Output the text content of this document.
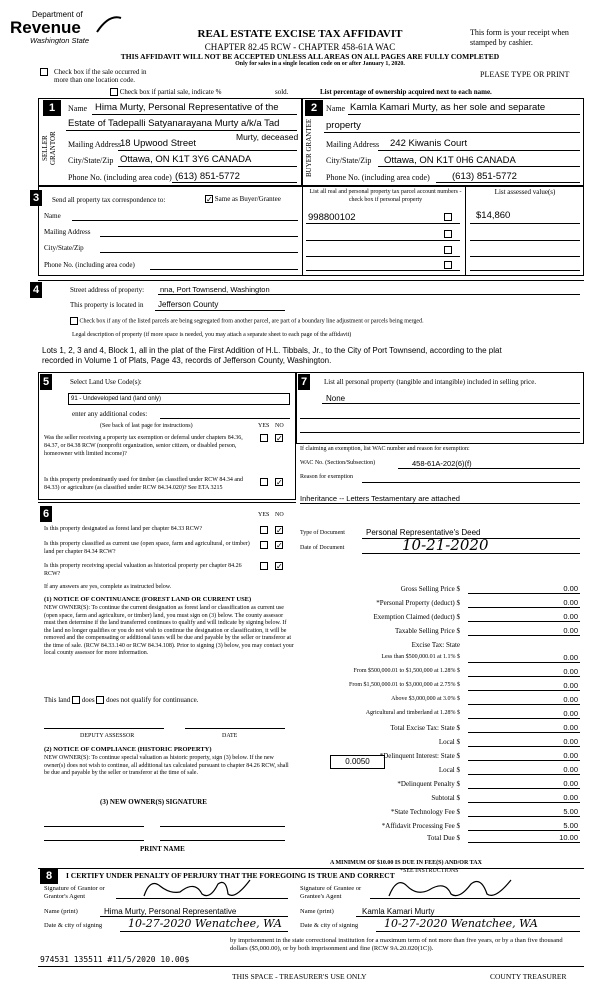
Department of
Revenue
Washington State
REAL ESTATE EXCISE TAX AFFIDAVIT
CHAPTER 82.45 RCW - CHAPTER 458-61A WAC
THIS AFFIDAVIT WILL NOT BE ACCEPTED UNLESS ALL AREAS ON ALL PAGES ARE FULLY COMPLETED
Only for sales in a single location code on or after January 1, 2020.
This form is your receipt when stamped by cashier.
PLEASE TYPE OR PRINT
Check box if the sale occurred in more than one location code.
Check box if partial sale, indicate %	sold.	List percentage of ownership acquired next to each name.
1	2
SELLER GRANTOR	BUYER GRANTEE
Name Hima Murty, Personal Representative of the
Estate of Tadepalli Satyanarayana Murty a/k/a Tad
Murty, deceased
Mailing Address
18 Upwood Street
City/State/Zip Ottawa, ON K1T 3Y6 CANADA
Phone No. (including area code) (613) 851-5772
Name Kamla Kamari Murty, as her sole and separate
property
Mailing Address 242 Kiwanis Court
City/State/Zip Ottawa, ON K1T 0H6 CANADA
Phone No. (including area code) (613) 851-5772
3	Send all property tax correspondence to:	✓ Same as Buyer/Grantee
Name
Mailing Address
City/State/Zip
Phone No. (including area code)
List all real and personal property tax parcel account numbers - check box if personal property
List assessed value(s)
998800102	$14,860
4	Street address of property: nna, Port Townsend, Washington
This property is located in Jefferson County
Check box if any of the listed parcels are being segregated from another parcel, are part of a boundary line adjustment or parcels being merged.
Legal description of property (if more space is needed, you may attach a separate sheet to each page of the affidavit)
Lots 1, 2, 3 and 4, Block 1, all in the plat of the First Addition of H.L. Tibbals, Jr., to the City of Port Townsend, according to the plat
recorded in Volume 1 of Plats, Page 43, records of Jefferson County, Washington.
5	Select Land Use Code(s):
91 - Undeveloped land (land only)
enter any additional codes:
(See back of last page for instructions)	YES NO
Was the seller receiving a property tax exemption or deferral under chapters 84.36, 84.37, or 84.38 RCW (nonprofit organization, senior citizen, or disabled person, homeowner with limited income)?
✓
Is this property predominantly used for timber (as classified under RCW 84.34 and 84.33) or agriculture (as classified under RCW 84.34.020)? See ETA 3215
✓
6	YES NO
Is this property designated as forest land per chapter 84.33 RCW?	✓
Is this property classified as current use (open space, farm and agricultural, or timber) land per chapter 84.34 RCW?
✓
Is this property receiving special valuation as historical property per chapter 84.26 RCW?
✓
If any answers are yes, complete as instructed below.
(1) NOTICE OF CONTINUANCE (FOREST LAND OR CURRENT USE)
NEW OWNER(S): To continue the current designation as forest land or classification as current use (open space, farm and agriculture, or timber) land, you must sign on (3) below. The county assessor must then determine if the land transferred continues to qualify and will indicate by signing below. If the land no longer qualifies or you do not wish to continue the designation or classification, it will be removed and the compensating or additional taxes will be due and payable by the seller or transferor at the time of sale. (RCW 84.33.140 or RCW 84.34.108). Prior to signing (3) below, you may contact your local county assessor for more information.
This land does does not qualify for continuance.
DEPUTY ASSESSOR	DATE
(2) NOTICE OF COMPLIANCE (HISTORIC PROPERTY)
NEW OWNER(S): To continue special valuation as historic property, sign (3) below. If the new owner(s) does not wish to continue, all additional tax calculated pursuant to chapter 84.26 RCW, shall be due and payable by the seller or transferor at the time of sale.
(3) NEW OWNER(S) SIGNATURE
PRINT NAME
7	List all personal property (tangible and intangible) included in selling price.
None
If claiming an exemption, list WAC number and reason for exemption:
WAC No. (Section/Subsection)	458-61A-202(6)(f)
Reason for exemption
Inheritance -- Letters Testamentary are attached
Type of Document	Personal Representative's Deed
Date of Document	10-21-2020
Gross Selling Price $	0.00
*Personal Property (deduct) $	0.00
Exemption Claimed (deduct) $	0.00
Taxable Selling Price $	0.00
Excise Tax: State
Less than $500,000.01 at 1.1% $	0.00
From $500,000.01 to $1,500,000 at 1.28% $	0.00
From $1,500,000.01 to $3,000,000 at 2.75% $	0.00
Above $3,000,000 at 3.0% $	0.00
Agricultural and timberland at 1.28% $	0.00
Total Excise Tax: State $	0.00
Local $	0.00
*Delinquent Interest: State $	0.00
Local $	0.00
*Delinquent Penalty $	0.00
Subtotal $	0.00
*State Technology Fee $	5.00
*Affidavit Processing Fee $	5.00
Total Due $	10.00
0.0050
A MINIMUM OF $10.00 IS DUE IN FEE(S) AND/OR TAX
*SEE INSTRUCTIONS
8	I CERTIFY UNDER PENALTY OF PERJURY THAT THE FOREGOING IS TRUE AND CORRECT
Signature of Grantor or Grantor's Agent
Signature of Grantee or Grantee's Agent
Name (print)	Hima Murty, Personal Representative	Name (print)	Kamla Kamari Murty
Date & city of signing 10-27-2020 Wenatchee, WA	Date & city of signing 10-27-2020 Wenatchee, WA
by imprisonment in the state correctional institution for a maximum term of not more than five years, or by a than five thousand dollars ($5,000.00), or by both imprisonment and fine (RCW 9A.20.020(1C)).
974531 135511 #11/5/2020 10.00$
THIS SPACE - TREASURER'S USE ONLY	COUNTY TREASURER
